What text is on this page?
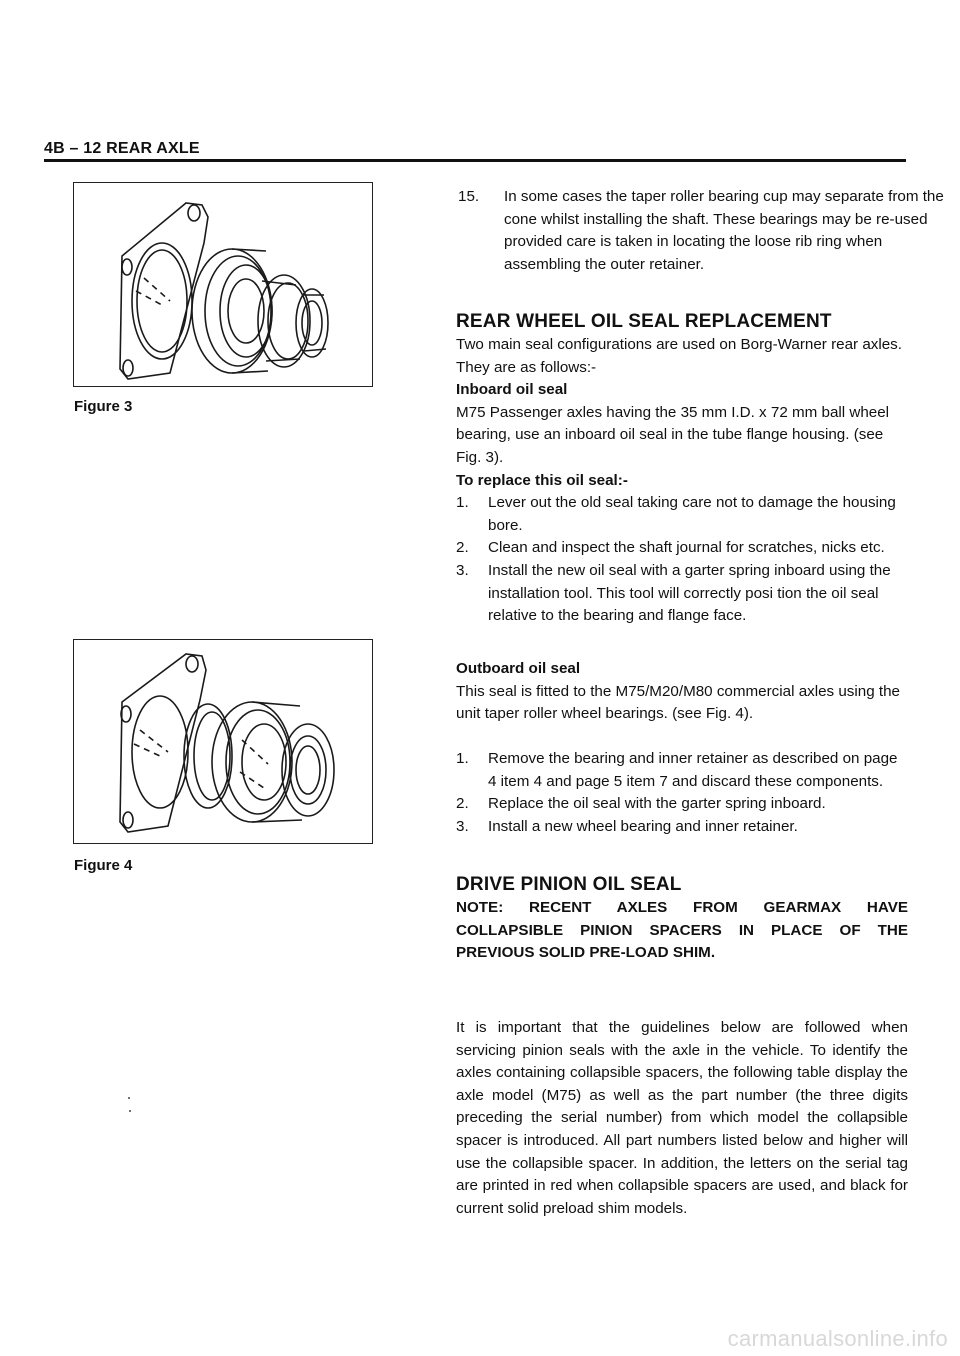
4B – 12 REAR AXLE
Figure 3
Figure 4
15. In some cases the taper roller bearing cup may separate from the cone whilst installing the shaft. These bearings may be re-used provided care is taken in locating the loose rib ring when assembling the outer retainer.
REAR WHEEL OIL SEAL REPLACEMENT
Two main seal configurations are used on Borg-Warner rear axles. They are as follows:-
Inboard oil seal
M75 Passenger axles having the 35 mm I.D. x 72 mm ball wheel bearing, use an inboard oil seal in the tube flange housing. (see Fig. 3).
To replace this oil seal:-
1. Lever out the old seal taking care not to damage the housing bore.
2. Clean and inspect the shaft journal for scratches, nicks etc.
3. Install the new oil seal with a garter spring inboard using the installation tool. This tool will correctly posi tion the oil seal relative to the bearing and flange face.
Outboard oil seal
This seal is fitted to the M75/M20/M80 commercial axles using the unit taper roller wheel bearings. (see Fig. 4).
1. Remove the bearing and inner retainer as described on page 4 item 4 and page 5 item 7 and discard these components.
2. Replace the oil seal with the garter spring inboard.
3. Install a new wheel bearing and inner retainer.
DRIVE PINION OIL SEAL
NOTE: RECENT AXLES FROM GEARMAX HAVE COLLAPSIBLE PINION SPACERS IN PLACE OF THE PREVIOUS SOLID PRE-LOAD SHIM.
It is important that the guidelines below are followed when servicing pinion seals with the axle in the vehicle. To identify the axles containing collapsible spacers, the following table display the axle model (M75) as well as the part number (the three digits preceding the serial number) from which model the collapsible spacer is introduced. All part numbers listed below and higher will use the collapsible spacer. In addition, the letters on the serial tag are printed in red when collapsible spacers are used, and black for current solid preload shim models.
carmanualsonline.info
